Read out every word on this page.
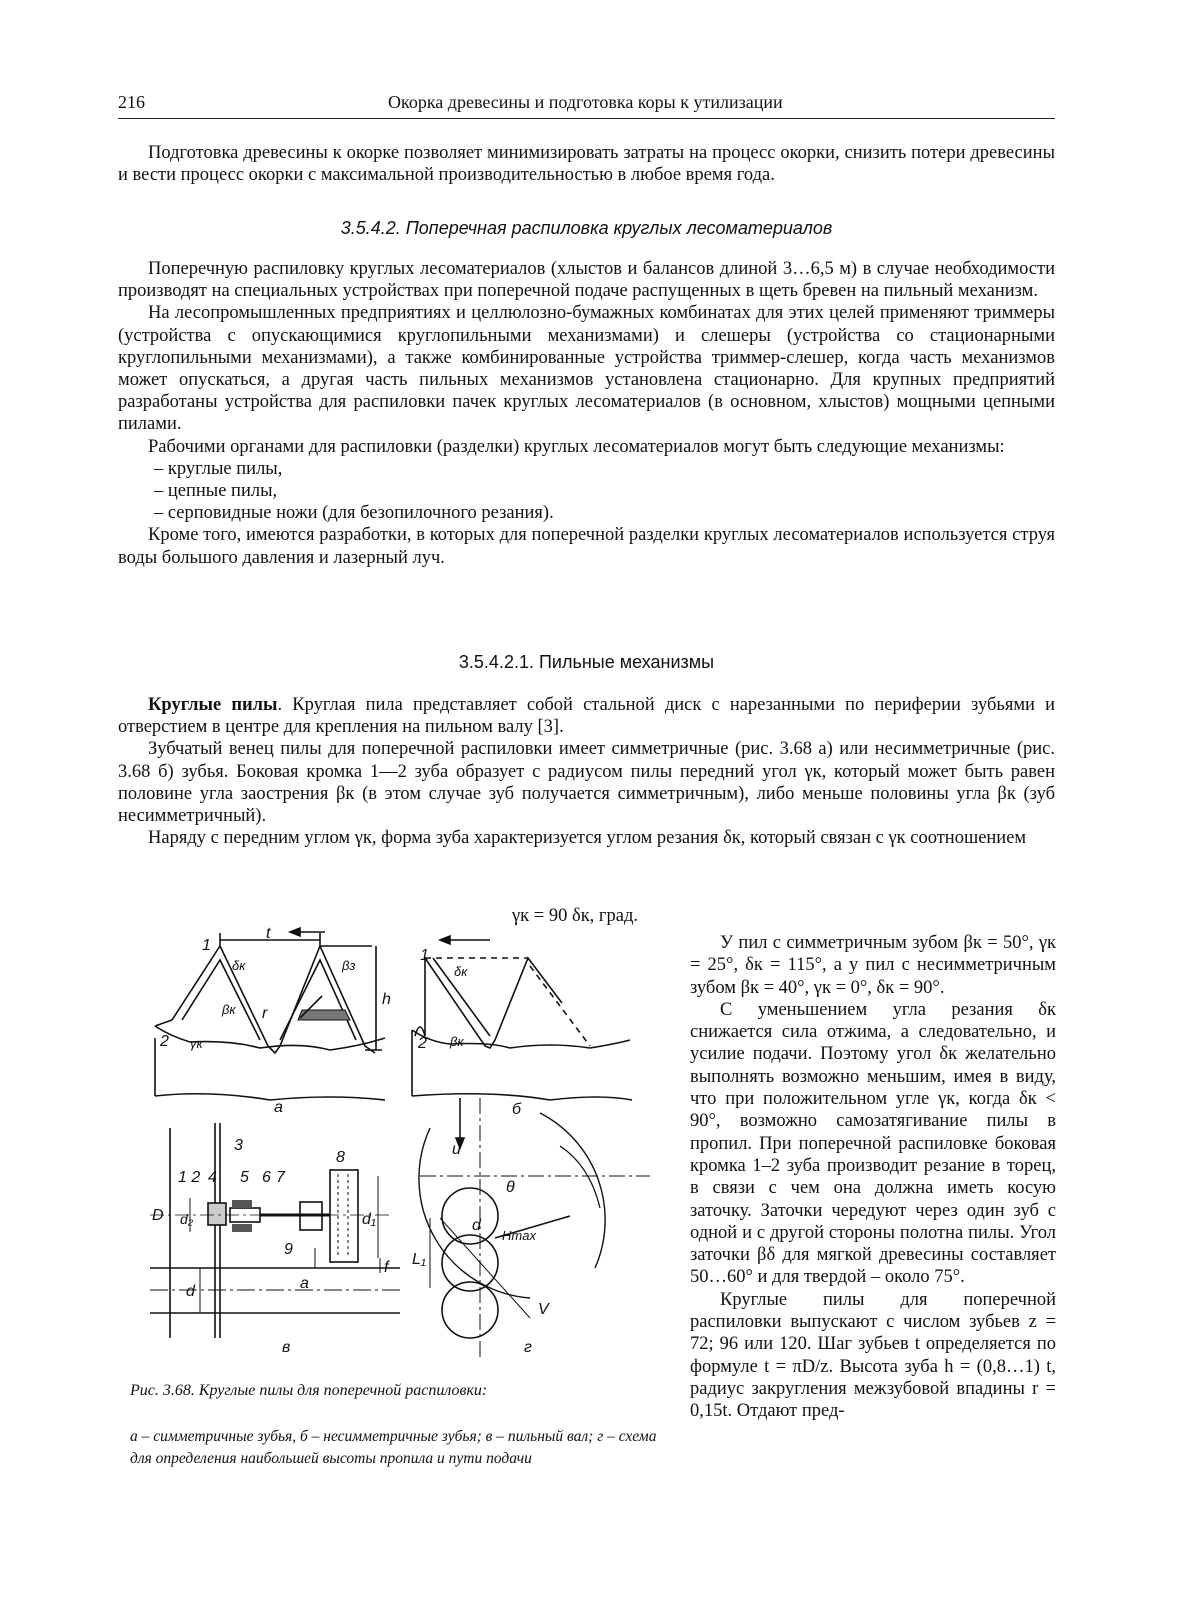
216	Окорка древесины и подготовка коры к утилизации

Подготовка древесины к окорке позволяет минимизировать затраты на процесс окорки, снизить потери древесины и вести процесс окорки с максимальной производительностью в любое время года.

3.5.4.2. Поперечная распиловка круглых лесоматериалов

Поперечную распиловку круглых лесоматериалов (хлыстов и балансов длиной 3…6,5 м) в случае необходимости производят на специальных устройствах при поперечной подаче распущенных в щеть бревен на пильный механизм.

На лесопромышленных предприятиях и целлюлозно-бумажных комбинатах для этих целей применяют триммеры (устройства с опускающимися круглопильными механизмами) и слешеры (устройства со стационарными круглопильными механизмами), а также комбинированные устройства триммер-слешер, когда часть механизмов может опускаться, а другая часть пильных механизмов установлена стационарно. Для крупных предприятий разработаны устройства для распиловки пачек круглых лесоматериалов (в основном, хлыстов) мощными цепными пилами.

Рабочими органами для распиловки (разделки) круглых лесоматериалов могут быть следующие механизмы:

– круглые пилы,

– цепные пилы,

– серповидные ножи (для безопилочного резания).

Кроме того, имеются разработки, в которых для поперечной разделки круглых лесоматериалов используется струя воды большого давления и лазерный луч.

3.5.4.2.1. Пильные механизмы

Круглые пилы. Круглая пила представляет собой стальной диск с нарезанными по периферии зубьями и отверстием в центре для крепления на пильном валу [3].

Зубчатый венец пилы для поперечной распиловки имеет симметричные (рис. 3.68 а) или несимметричные (рис. 3.68 б) зубья. Боковая кромка 1—2 зуба образует с радиусом пилы передний угол γк, который может быть равен половине угла заострения βк (в этом случае зуб получается симметричным), либо меньше половины угла βк (зуб несимметричный).

Наряду с передним углом γк, форма зуба характеризуется углом резания δк, который связан с γк соотношением

γк = 90 δк, град.

У пил с симметричным зубом βк = 50°, γк = 25°, δк = 115°, а у пил с несимметричным зубом βк = 40°, γк = 0°, δк = 90°.

С уменьшением угла резания δк снижается сила отжима, а следовательно, и усилие подачи. Поэтому угол δк желательно выполнять возможно меньшим, имея в виду, что при положительном угле γк, когда δк < 90°, возможно самозатягивание пилы в пропил. При поперечной распиловке боковая кромка 1–2 зуба производит резание в торец, в связи с чем она должна иметь косую заточку. Заточки чередуют через один зуб с одной и с другой стороны полотна пилы. Угол заточки βδ для мягкой древесины составляет 50…60° и для твердой – около 75°.

Круглые пилы для поперечной распиловки выпускают с числом зубьев z = 72; 96 или 120. Шаг зубьев t определяется по формуле t = πD/z. Высота зуба h = (0,8…1) t, радиус закругления межзубовой впадины r = 0,15t. Отдают пред-

1
2
t
h
r
δк
βк
γк
βз
а
1
2
δк
βк
б
D
1 2
3
4 5 6 7
8
9
d₂	d₁
d	a
f
в
u
θ
d
Hmax
L₁
V
г
Рис. 3.68. Круглые пилы для поперечной распиловки:
а – симметричные зубья, б – несимметричные зубья; в – пильный вал; г – схема для определения наибольшей высоты пропила и пути подачи
